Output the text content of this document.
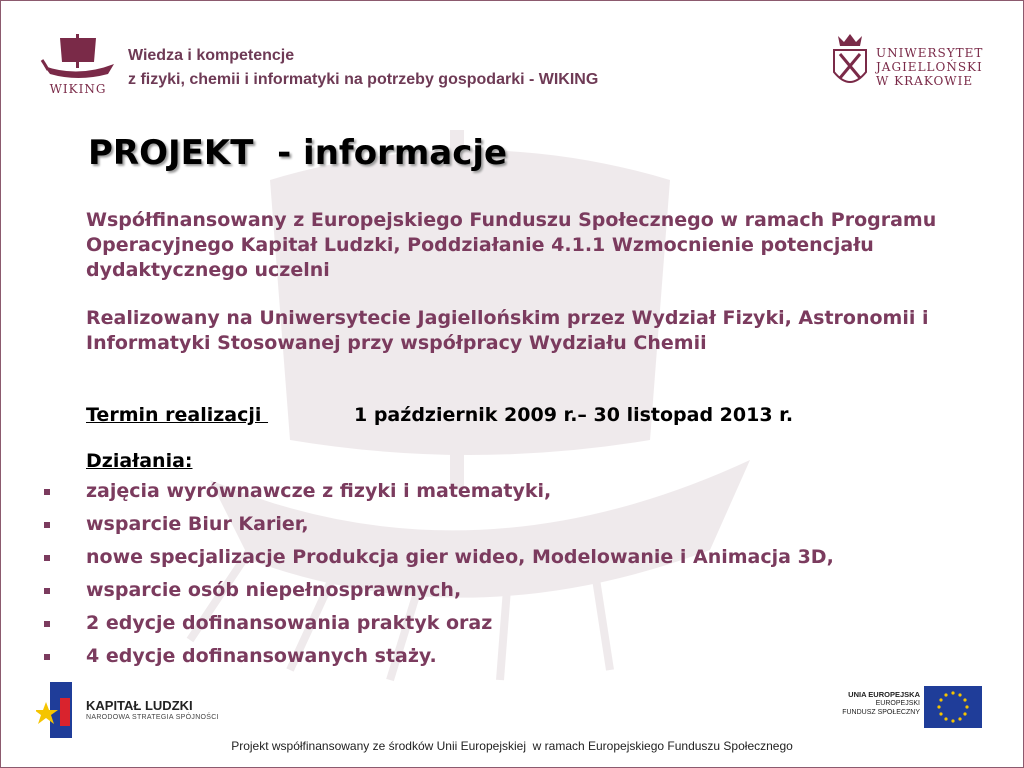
WIKING
Wiedza i kompetencje
z fizyki, chemii i informatyki na potrzeby gospodarki - WIKING
UNIWERSYTET
JAGIELLOŃSKI
W KRAKOWIE
PROJEKT  - informacje
Współfinansowany z Europejskiego Funduszu Społecznego w ramach Programu Operacyjnego Kapitał Ludzki, Poddziałanie 4.1.1 Wzmocnienie potencjału dydaktycznego uczelni
Realizowany na Uniwersytecie Jagiellońskim przez Wydział Fizyki, Astronomii i Informatyki Stosowanej przy współpracy Wydziału Chemii
Termin realizacji	1 październik 2009 r.– 30 listopad 2013 r.
Działania:
zajęcia wyrównawcze z fizyki i matematyki,
wsparcie Biur Karier,
nowe specjalizacje Produkcja gier wideo, Modelowanie i Animacja 3D,
wsparcie osób niepełnosprawnych,
2 edycje dofinansowania praktyk oraz
4 edycje dofinansowanych staży.
KAPITAŁ LUDZKI
NARODOWA STRATEGIA SPÓJNOŚCI
UNIA EUROPEJSKA
EUROPEJSKI
FUNDUSZ SPOŁECZNY
Projekt współfinansowany ze środków Unii Europejskiej  w ramach Europejskiego Funduszu Społecznego
